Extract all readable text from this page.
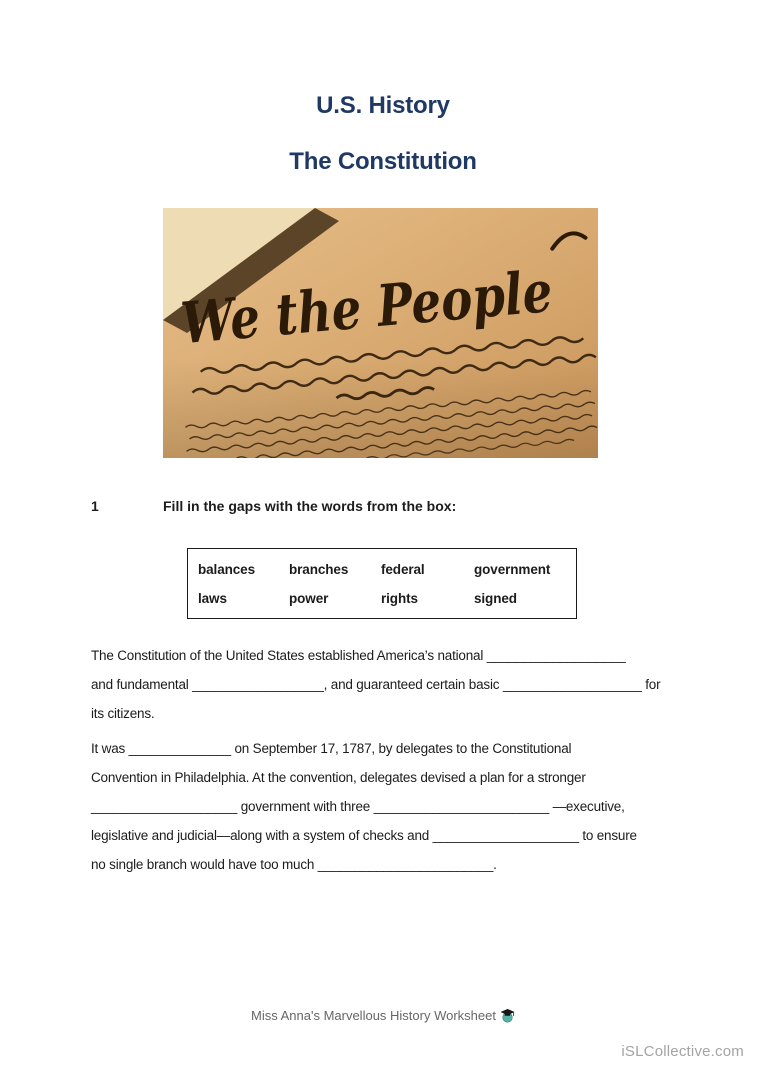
U.S. History
The Constitution
1	Fill in the gaps with the words from the box:
balances	branches	federal	government
laws	power	rights	signed
The Constitution of the United States established America’s national ___________________
and fundamental __________________, and guaranteed certain basic ___________________ for
its citizens.
It was ______________ on September 17, 1787, by delegates to the Constitutional
Convention in Philadelphia. At the convention, delegates devised a plan for a stronger
____________________ government with three ________________________ —executive,
legislative and judicial—along with a system of checks and ____________________ to ensure
no single branch would have too much ________________________.
Miss Anna's Marvellous History Worksheet
iSLCollective.com
